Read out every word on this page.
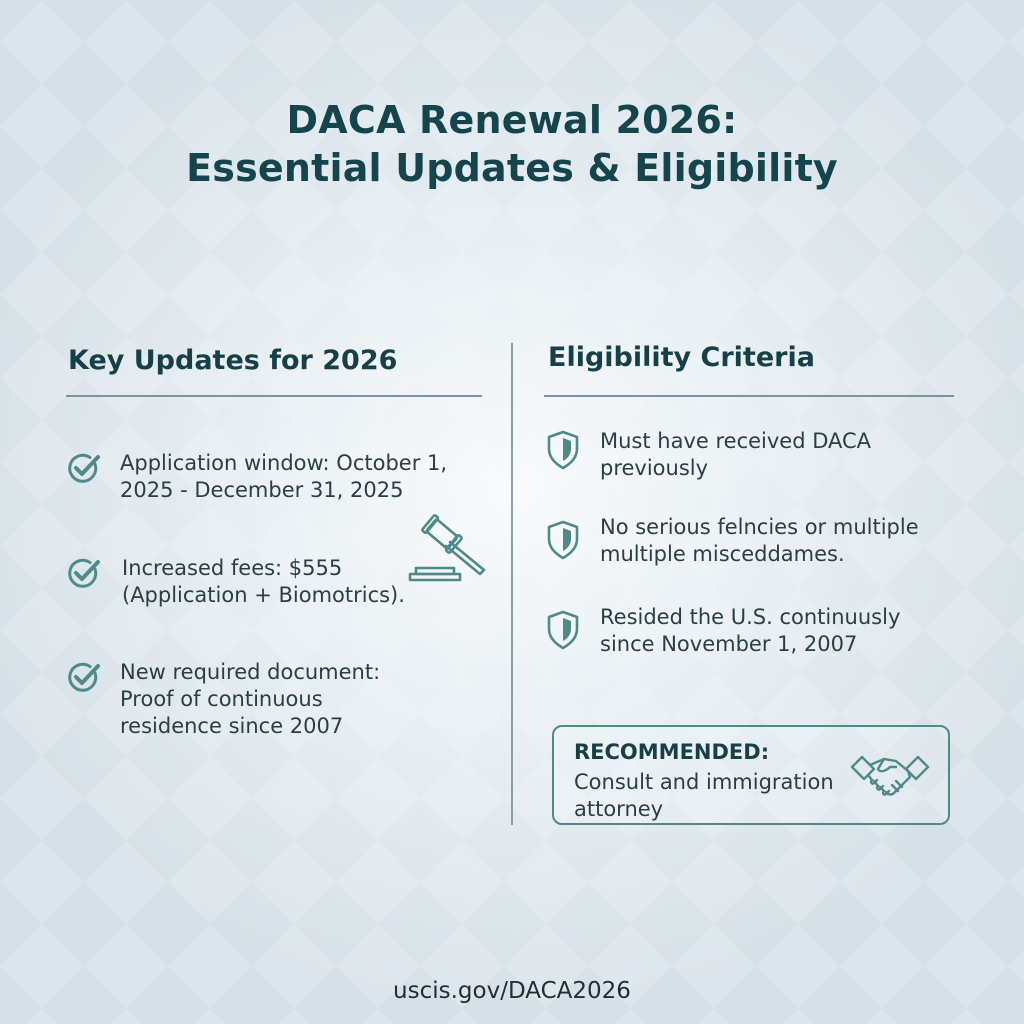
DACA Renewal 2026:
Essential Updates & Eligibility
Key Updates for 2026
Application window: October 1,
2025 - December 31, 2025
Increased fees: $555
(Application + Biomotrics).
New required document:
Proof of continuous
residence since 2007
Eligibility Criteria
Must have received DACA
previously
No serious felncies or multiple
multiple misceddames.
Resided the U.S. continuusly
since November 1, 2007
RECOMMENDED:
Consult and immigration
attorney
uscis.gov/DACA2026
